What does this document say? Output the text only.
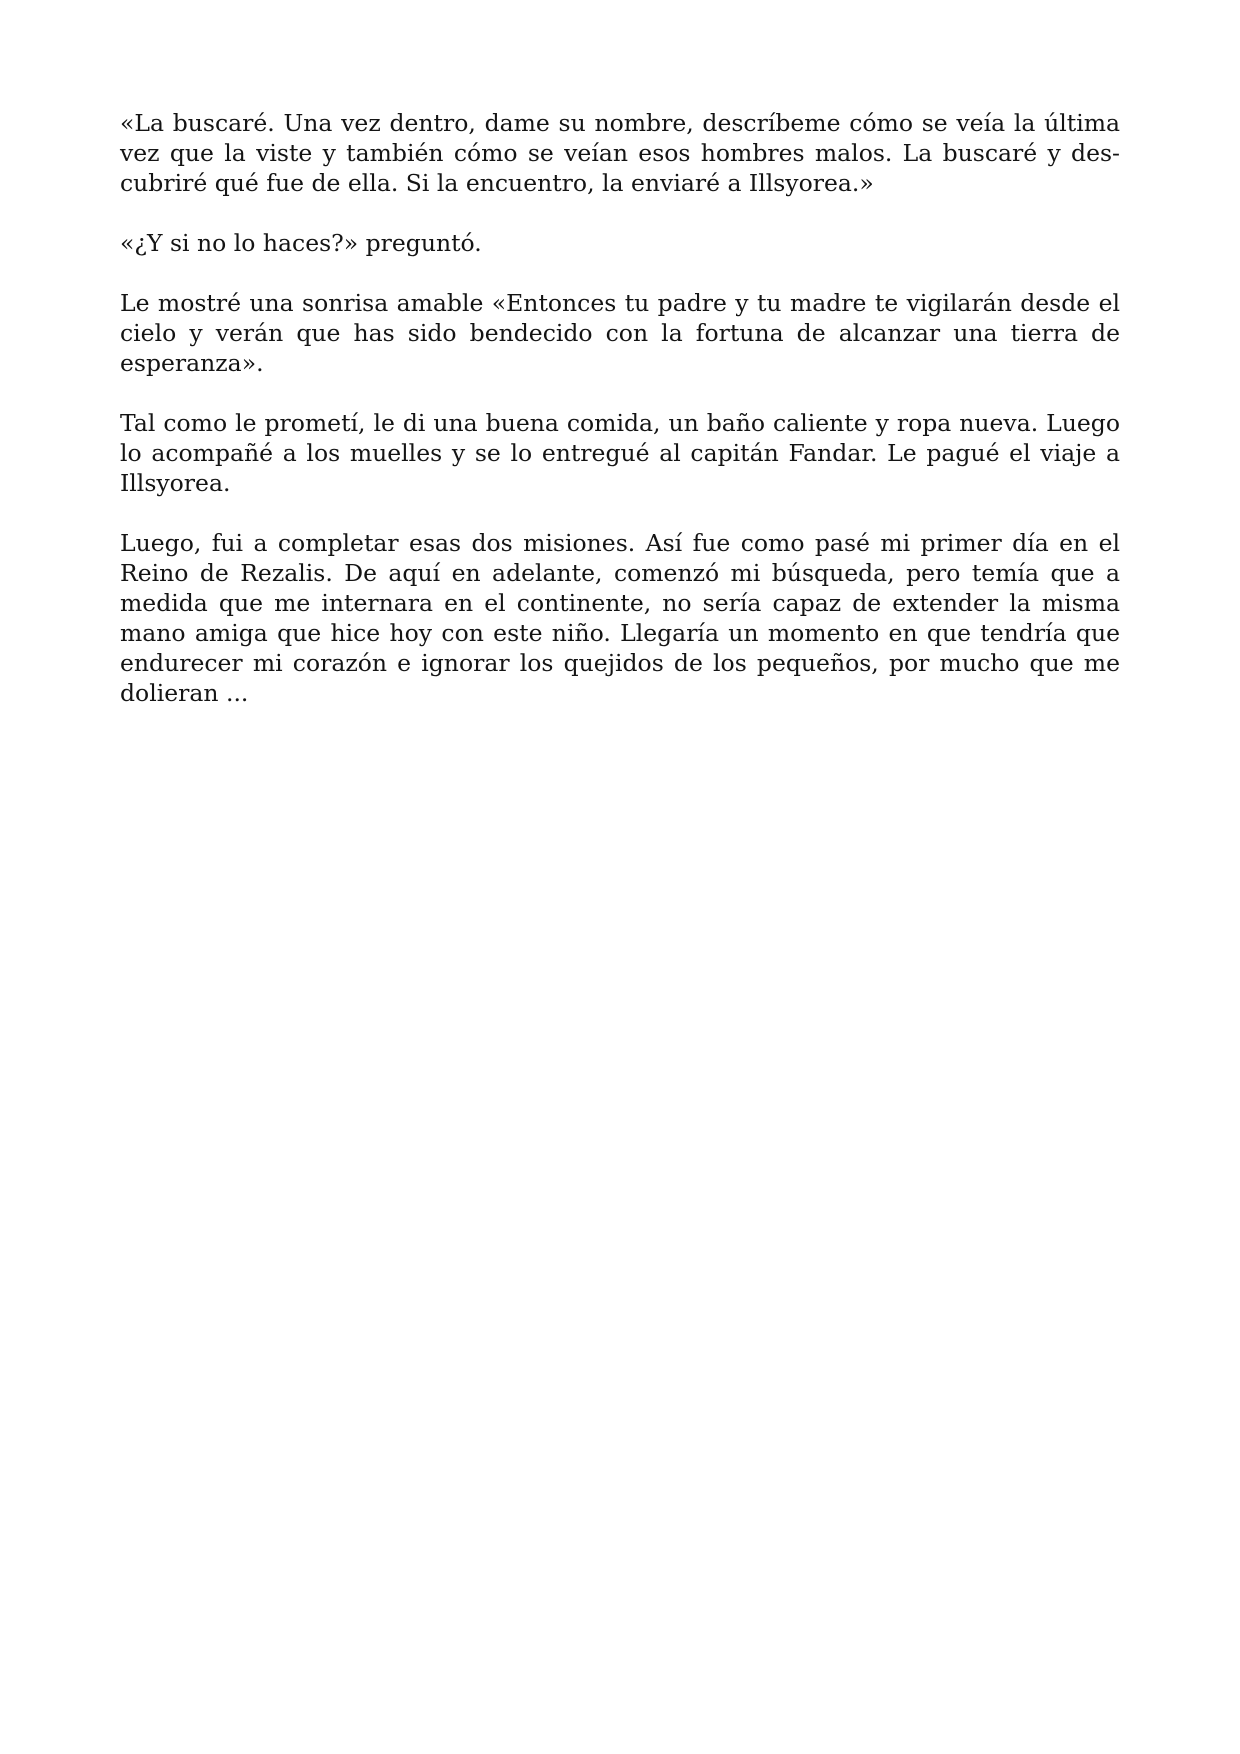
«La buscaré. Una vez dentro, dame su nombre, descríbeme cómo se veía la última vez que la viste y también cómo se veían esos hombres malos. La buscaré y descubriré qué fue de ella. Si la encuentro, la enviaré a Illsyorea.»

«¿Y si no lo haces?» preguntó.

Le mostré una sonrisa amable «Entonces tu padre y tu madre te vigilarán desde el cielo y verán que has sido bendecido con la fortuna de alcanzar una tierra de esperanza».

Tal como le prometí, le di una buena comida, un baño caliente y ropa nueva. Luego lo acompañé a los muelles y se lo entregué al capitán Fandar. Le pagué el viaje a Illsyorea.

Luego, fui a completar esas dos misiones. Así fue como pasé mi primer día en el Reino de Rezalis. De aquí en adelante, comenzó mi búsqueda, pero temía que a medida que me internara en el continente, no sería capaz de extender la misma mano amiga que hice hoy con este niño. Llegaría un momento en que tendría que endurecer mi corazón e ignorar los quejidos de los pequeños, por mucho que me dolieran ...
